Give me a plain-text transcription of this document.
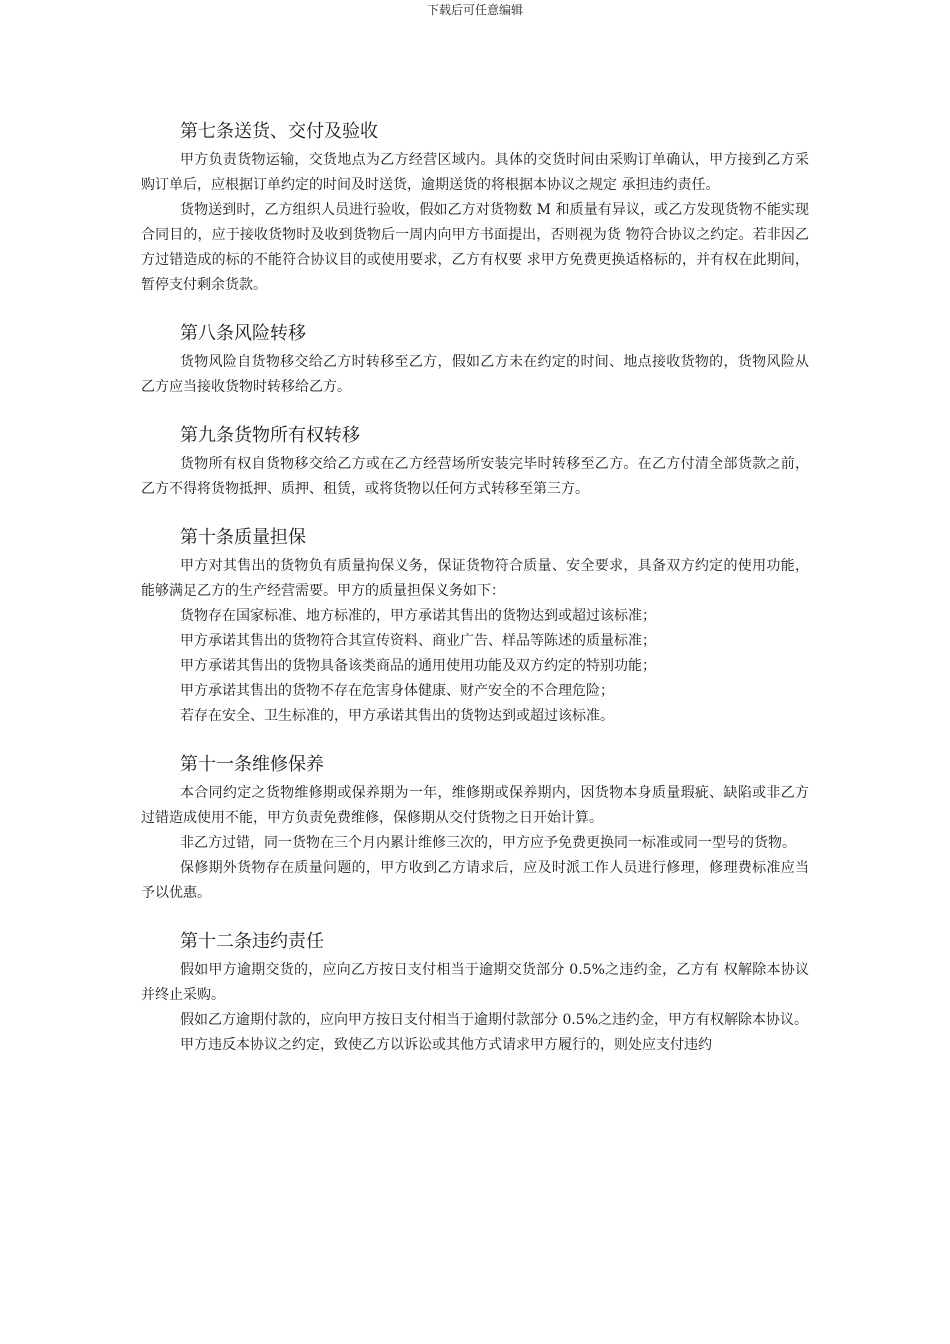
下载后可任意编辑
第七条送货、交付及验收

甲方负责货物运输，交货地点为乙方经营区域内。具体的交货时间由采购订单确认，甲方接到乙方采购订单后，应根据订单约定的时间及时送货，逾期送货的将根据本协议之规定 承担违约责任。

货物送到时，乙方组织人员进行验收，假如乙方对货物数 M 和质量有异议，或乙方发现货物不能实现合同目的，应于接收货物时及收到货物后一周内向甲方书面提出，否则视为货 物符合协议之约定。若非因乙方过错造成的标的不能符合协议目的或使用要求，乙方有权要 求甲方免费更换适格标的，并有权在此期间，暂停支付剩余货款。

第八条风险转移

货物风险自货物移交给乙方时转移至乙方，假如乙方未在约定的时间、地点接收货物的，货物风险从乙方应当接收货物时转移给乙方。

第九条货物所有权转移

货物所有权自货物移交给乙方或在乙方经营场所安装完毕时转移至乙方。在乙方付清全部货款之前，乙方不得将货物抵押、质押、租赁，或将货物以任何方式转移至第三方。

第十条质量担保

甲方对其售出的货物负有质量拘保义务，保证货物符合质量、安全要求，具备双方约定的使用功能，能够满足乙方的生产经营需要。甲方的质量担保义务如下：

货物存在国家标准、地方标准的，甲方承诺其售出的货物达到或超过该标准；

甲方承诺其售出的货物符合其宣传资料、商业广告、样品等陈述的质量标准；

甲方承诺其售出的货物具备该类商品的通用使用功能及双方约定的特别功能；

甲方承诺其售出的货物不存在危害身体健康、财产安全的不合理危险；

若存在安全、卫生标准的，甲方承诺其售出的货物达到或超过该标准。

第十一条维修保养

本合同约定之货物维修期或保养期为一年，维修期或保养期内，因货物本身质量瑕疵、缺陷或非乙方过错造成使用不能，甲方负责免费维修，保修期从交付货物之日开始计算。

非乙方过错，同一货物在三个月内累计维修三次的，甲方应予免费更换同一标准或同一型号的货物。

保修期外货物存在质量问题的，甲方收到乙方请求后，应及时派工作人员进行修理，修理费标准应当予以优惠。

第十二条违约责任

假如甲方逾期交货的，应向乙方按日支付相当于逾期交货部分 0.5%之违约金，乙方有 权解除本协议并终止采购。

假如乙方逾期付款的，应向甲方按日支付相当于逾期付款部分 0.5%之违约金，甲方有权解除本协议。

甲方违反本协议之约定，致使乙方以诉讼或其他方式请求甲方履行的，则处应支付违约
